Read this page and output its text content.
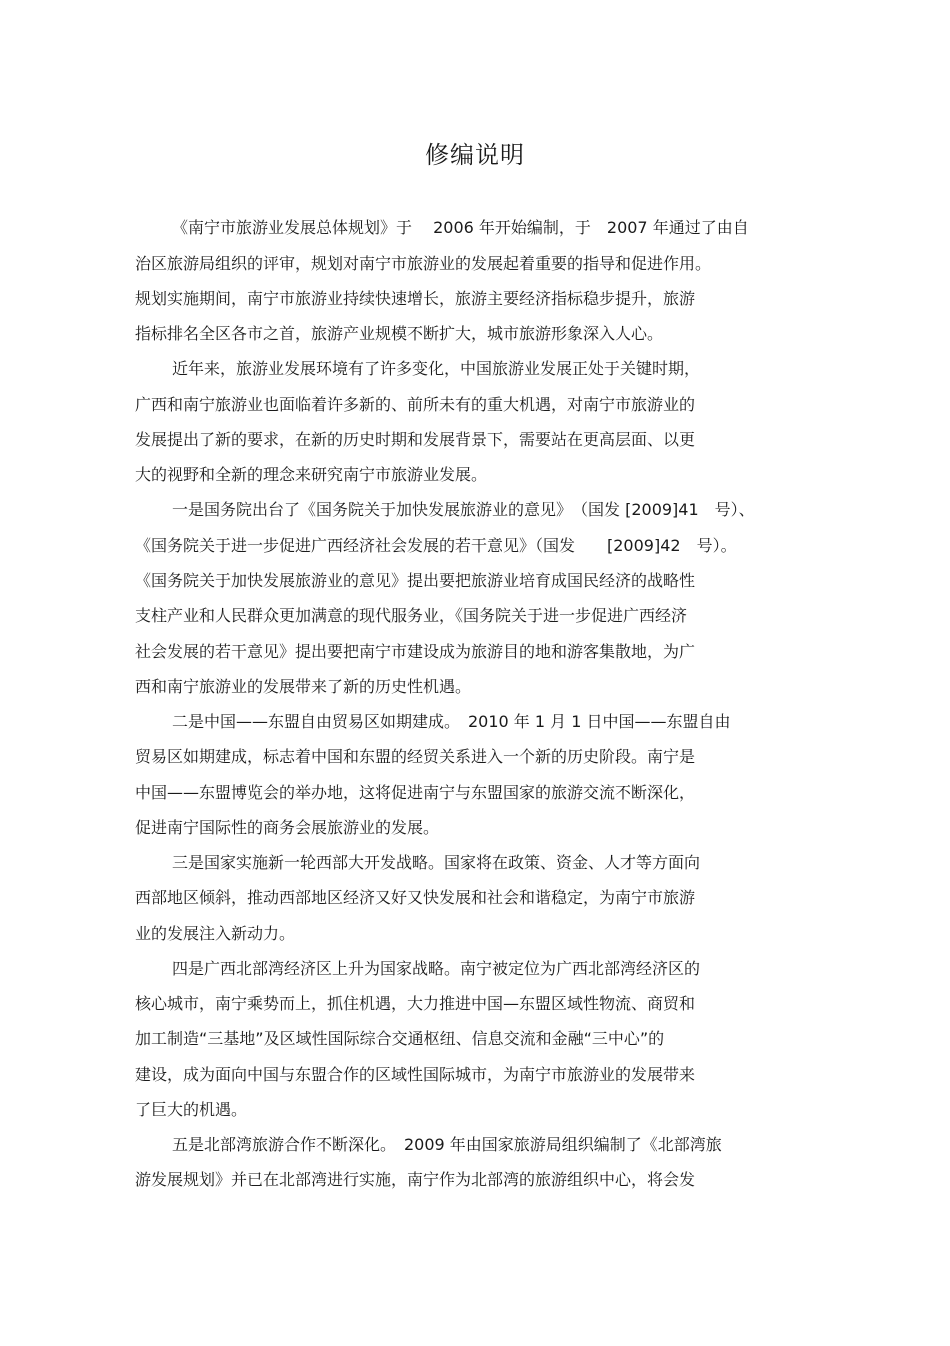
修编说明
《南宁市旅游业发展总体规划》于　 2006 年开始编制，于　2007 年通过了由自
治区旅游局组织的评审，规划对南宁市旅游业的发展起着重要的指导和促进作用。
规划实施期间，南宁市旅游业持续快速增长，旅游主要经济指标稳步提升，旅游
指标排名全区各市之首，旅游产业规模不断扩大，城市旅游形象深入人心。
近年来，旅游业发展环境有了许多变化，中国旅游业发展正处于关键时期，
广西和南宁旅游业也面临着许多新的、前所未有的重大机遇，对南宁市旅游业的
发展提出了新的要求，在新的历史时期和发展背景下，需要站在更高层面、以更
大的视野和全新的理念来研究南宁市旅游业发展。
一是国务院出台了《国务院关于加快发展旅游业的意见》　（国发 [2009]41　号）、
《国务院关于进一步促进广西经济社会发展的若干意见》（国发　　[2009]42　号）。
《国务院关于加快发展旅游业的意见》提出要把旅游业培育成国民经济的战略性
支柱产业和人民群众更加满意的现代服务业，《国务院关于进一步促进广西经济
社会发展的若干意见》提出要把南宁市建设成为旅游目的地和游客集散地，为广
西和南宁旅游业的发展带来了新的历史性机遇。
二是中国——东盟自由贸易区如期建成。　2010 年 1 月 1 日中国——东盟自由
贸易区如期建成，标志着中国和东盟的经贸关系进入一个新的历史阶段。南宁是
中国——东盟博览会的举办地，这将促进南宁与东盟国家的旅游交流不断深化，
促进南宁国际性的商务会展旅游业的发展。
三是国家实施新一轮西部大开发战略。国家将在政策、资金、人才等方面向
西部地区倾斜，推动西部地区经济又好又快发展和社会和谐稳定，为南宁市旅游
业的发展注入新动力。
四是广西北部湾经济区上升为国家战略。南宁被定位为广西北部湾经济区的
核心城市，南宁乘势而上，抓住机遇，大力推进中国—东盟区域性物流、商贸和
加工制造“三基地”及区域性国际综合交通枢纽、信息交流和金融“三中心”的
建设，成为面向中国与东盟合作的区域性国际城市，为南宁市旅游业的发展带来
了巨大的机遇。
五是北部湾旅游合作不断深化。　2009 年由国家旅游局组织编制了《北部湾旅
游发展规划》并已在北部湾进行实施，南宁作为北部湾的旅游组织中心，将会发
